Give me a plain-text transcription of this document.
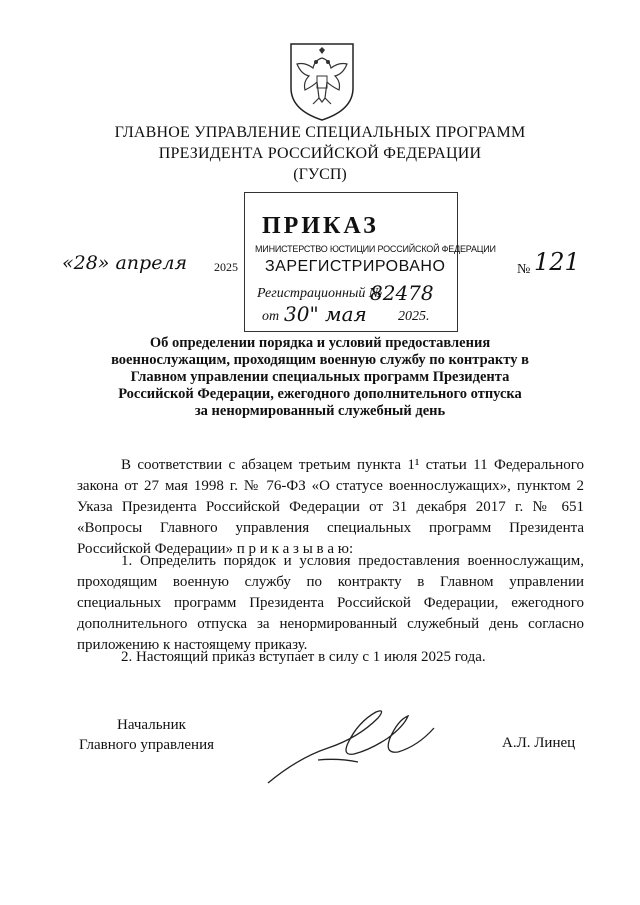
ГЛАВНОЕ УПРАВЛЕНИЕ СПЕЦИАЛЬНЫХ ПРОГРАММ
ПРЕЗИДЕНТА РОССИЙСКОЙ ФЕДЕРАЦИИ
(ГУСП)
ПРИКАЗ
МИНИСТЕРСТВО ЮСТИЦИИ РОССИЙСКОЙ ФЕДЕРАЦИИ
ЗАРЕГИСТРИРОВАНО
Регистрационный №
82478
от 30" мая 2025.
«28» апреля 2025	№ 121
Об определении порядка и условий предоставления военнослужащим, проходящим военную службу по контракту в Главном управлении специальных программ Президента Российской Федерации, ежегодного дополнительного отпуска за ненормированный служебный день
В соответствии с абзацем третьим пункта 1¹ статьи 11 Федерального закона от 27 мая 1998 г. № 76-ФЗ «О статусе военнослужащих», пунктом 2 Указа Президента Российской Федерации от 31 декабря 2017 г. № 651 «Вопросы Главного управления специальных программ Президента Российской Федерации» п р и к а з ы в а ю:
1. Определить порядок и условия предоставления военнослужащим, проходящим военную службу по контракту в Главном управлении специальных программ Президента Российской Федерации, ежегодного дополнительного отпуска за ненормированный служебный день согласно приложению к настоящему приказу.
2. Настоящий приказ вступает в силу с 1 июля 2025 года.
Начальник
Главного управления	А.Л. Линец
